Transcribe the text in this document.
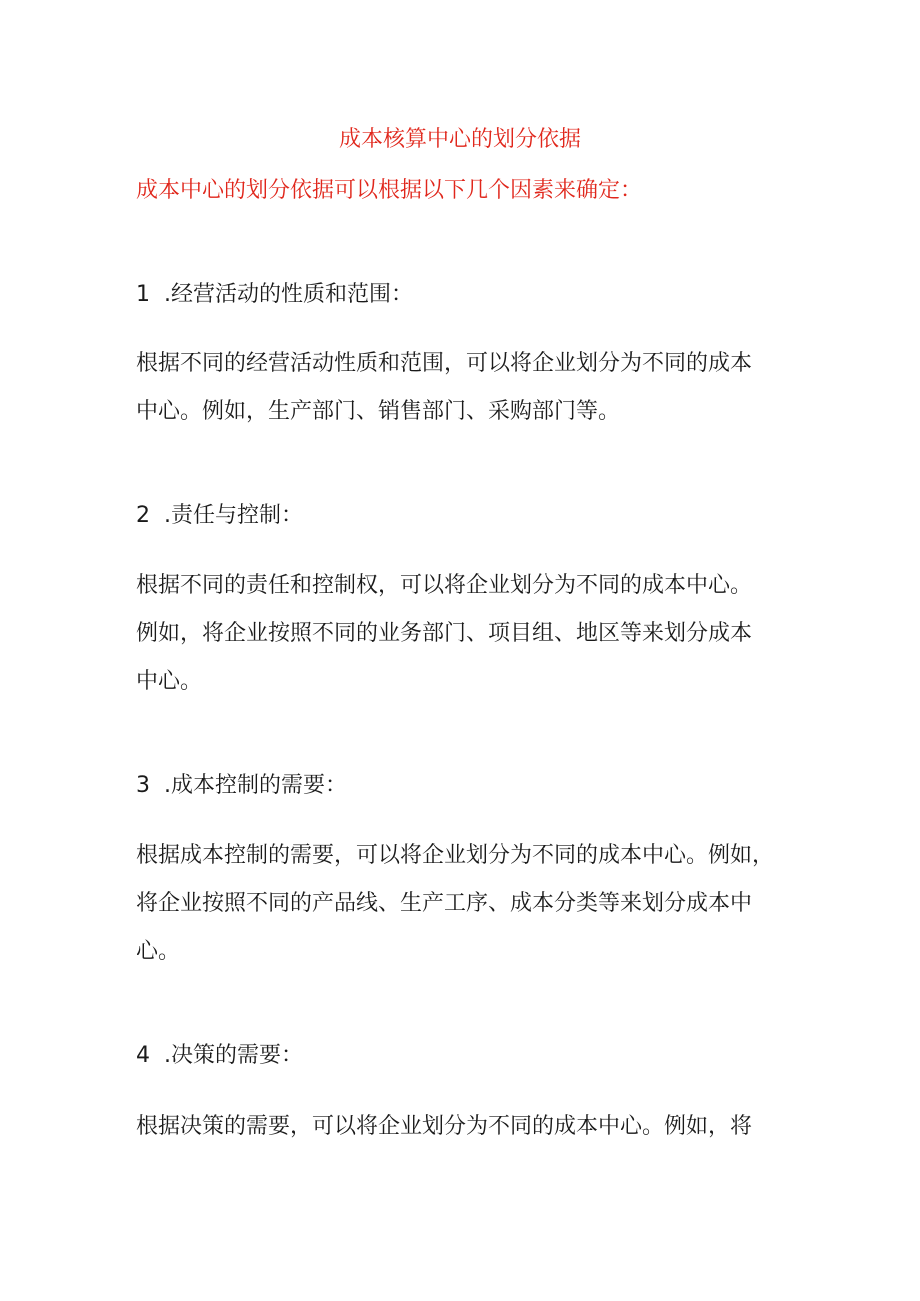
成本核算中心的划分依据
成本中心的划分依据可以根据以下几个因素来确定：
1 .经营活动的性质和范围：
根据不同的经营活动性质和范围，可以将企业划分为不同的成本
中心。例如，生产部门、销售部门、采购部门等。
2 .责任与控制：
根据不同的责任和控制权，可以将企业划分为不同的成本中心。
例如，将企业按照不同的业务部门、项目组、地区等来划分成本
中心。
3 .成本控制的需要：
根据成本控制的需要，可以将企业划分为不同的成本中心。例如，
将企业按照不同的产品线、生产工序、成本分类等来划分成本中
心。
4 .决策的需要：
根据决策的需要，可以将企业划分为不同的成本中心。例如，将
